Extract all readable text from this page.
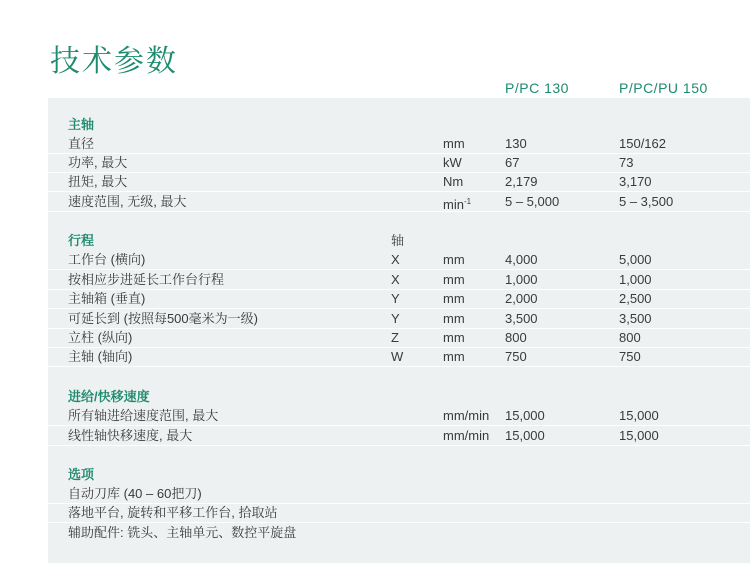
技术参数
P/PC 130	P/PC/PU 150
主轴
直径	mm	130	150/162
功率, 最大	kW	67	73
扭矩, 最大	Nm	2,179	3,170
速度范围, 无级, 最大	$\min^{-1}$	5 – 5,000	5 – 3,500
行程	轴
工作台 (横向)	X	mm	4,000	5,000
按相应步进延长工作台行程	X	mm	1,000	1,000
主轴箱 (垂直)	Y	mm	2,000	2,500
可延长到 (按照每500毫米为一级)	Y	mm	3,500	3,500
立柱 (纵向)	Z	mm	800	800
主轴 (轴向)	W	mm	750	750
进给/快移速度
所有轴进给速度范围, 最大	mm/min 15,000	15,000
线性轴快移速度, 最大	mm/min 15,000	15,000
选项
自动刀库 (40 – 60把刀)
落地平台, 旋转和平移工作台, 拾取站
辅助配件: 铣头、主轴单元、数控平旋盘
